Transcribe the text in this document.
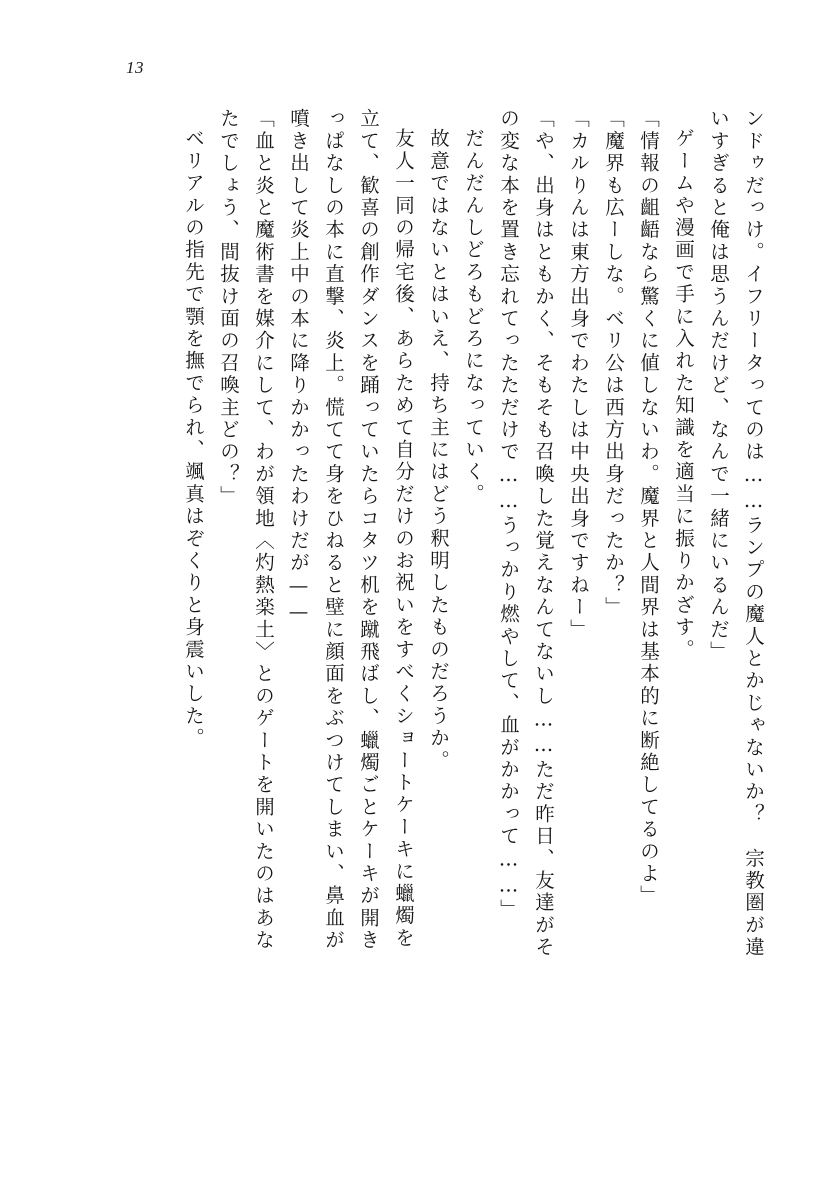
13
ンドゥだっけ。イフリータってのは……ランプの魔人とかじゃないか？　宗教圏が違
いすぎると俺は思うんだけど、なんで一緒にいるんだ」
ゲームや漫画で手に入れた知識を適当に振りかざす。
「情報の齟齬なら驚くに値しないわ。魔界と人間界は基本的に断絶してるのよ」
「魔界も広ーしな。ベリ公は西方出身だったか？」
「カルりんは東方出身でわたしは中央出身ですねー」
「や、出身はともかく、そもそも召喚した覚えなんてないし……ただ昨日、友達がそ
の変な本を置き忘れてったただけで……うっかり燃やして、血がかかって……」
だんだんしどろもどろになっていく。
故意ではないとはいえ、持ち主にはどう釈明したものだろうか。
友人一同の帰宅後、あらためて自分だけのお祝いをすべくショートケーキに蠟燭を
立て、歓喜の創作ダンスを踊っていたらコタツ机を蹴飛ばし、蠟燭ごとケーキが開き
っぱなしの本に直撃、炎上。慌てて身をひねると壁に顔面をぶつけてしまい、鼻血が
噴き出して炎上中の本に降りかかったわけだが——
「血と炎と魔術書を媒介にして、わが領地〈灼熱楽土〉とのゲートを開いたのはあな
たでしょう、間抜け面の召喚主どの？」
ベリアルの指先で顎を撫でられ、颯真はぞくりと身震いした。
